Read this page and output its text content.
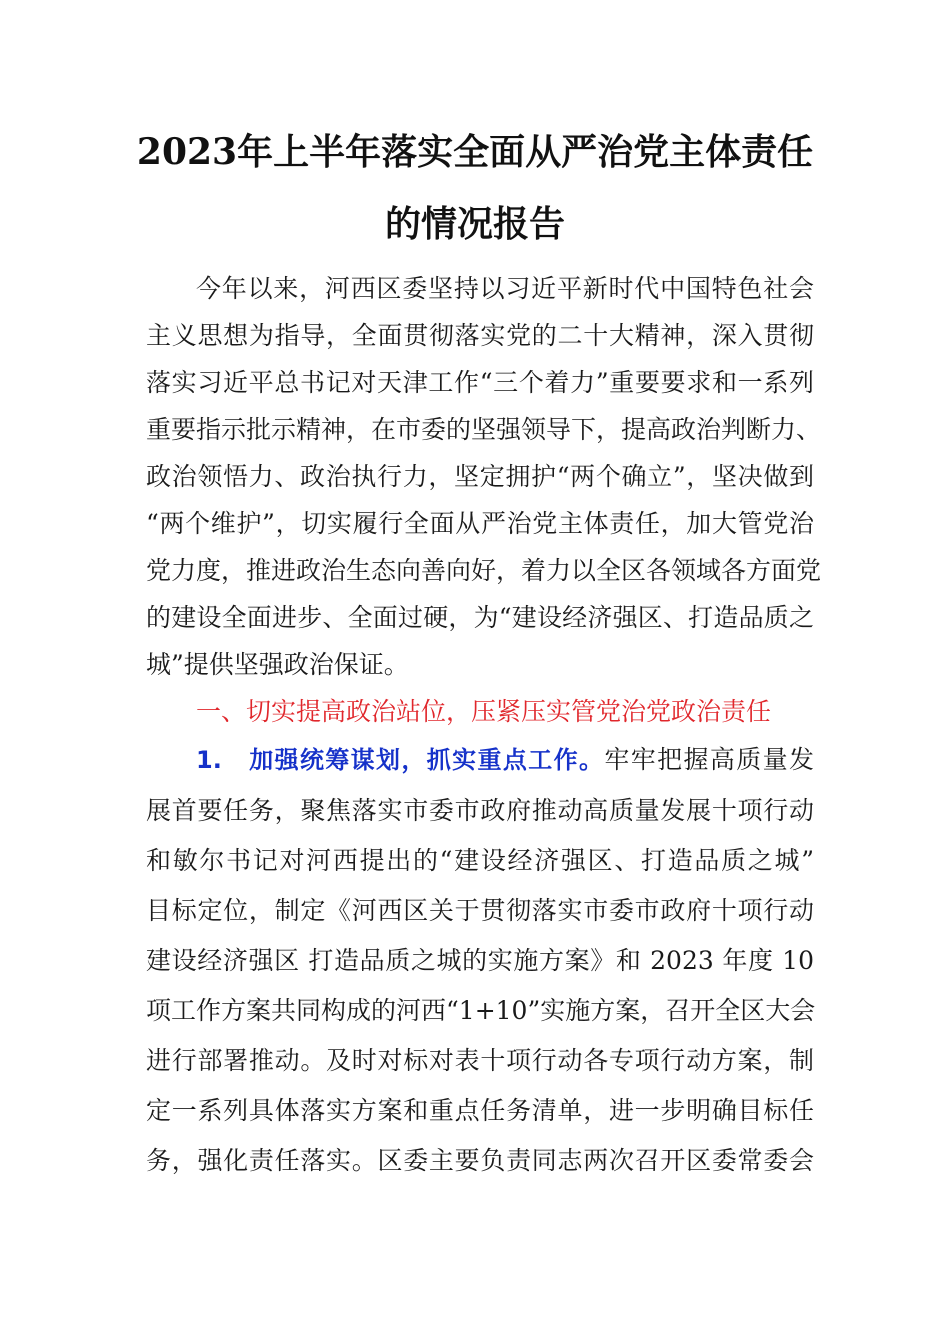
2023年上半年落实全面从严治党主体责任
的情况报告
今年以来，河西区委坚持以习近平新时代中国特色社会
主义思想为指导，全面贯彻落实党的二十大精神，深入贯彻
落实习近平总书记对天津工作“三个着力”重要要求和一系列
重要指示批示精神，在市委的坚强领导下，提高政治判断力、
政治领悟力、政治执行力，坚定拥护“两个确立”，坚决做到
“两个维护”，切实履行全面从严治党主体责任，加大管党治
党力度，推进政治生态向善向好，着力以全区各领域各方面党
的建设全面进步、全面过硬，为“建设经济强区、打造品质之
城”提供坚强政治保证。
一、切实提高政治站位，压紧压实管党治党政治责任
1. 加强统筹谋划，抓实重点工作。牢牢把握高质量发
展首要任务，聚焦落实市委市政府推动高质量发展十项行动
和敏尔书记对河西提出的“建设经济强区、打造品质之城”
目标定位，制定《河西区关于贯彻落实市委市政府十项行动
建设经济强区 打造品质之城的实施方案》和 2023 年度 10
项工作方案共同构成的河西“1+10”实施方案，召开全区大会
进行部署推动。及时对标对表十项行动各专项行动方案，制
定一系列具体落实方案和重点任务清单，进一步明确目标任
务，强化责任落实。区委主要负责同志两次召开区委常委会
